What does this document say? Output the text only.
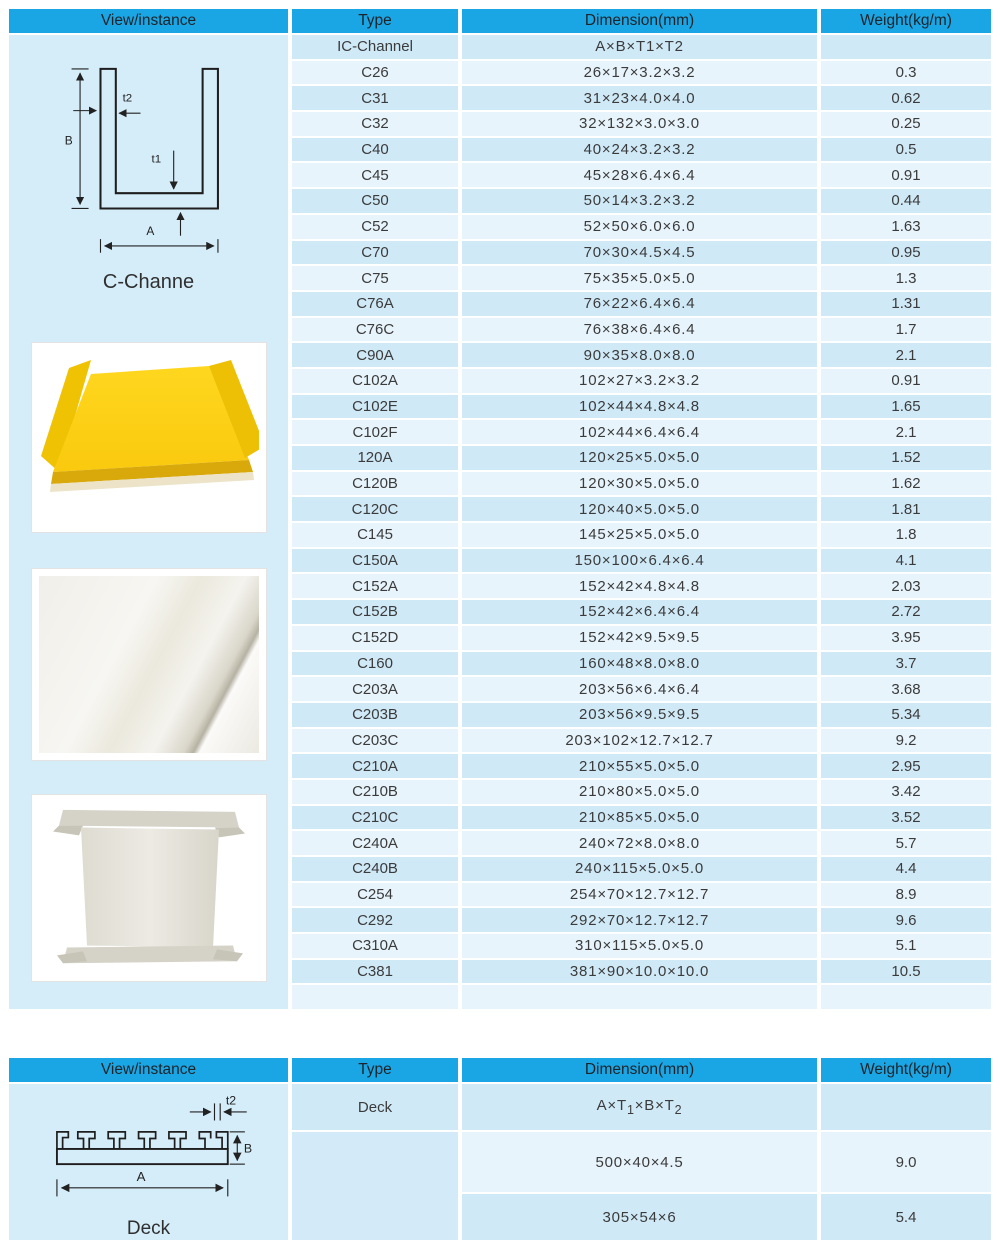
View/instance	Type	Dimension(mm)	Weight(kg/m)

B
t2
t1
A
C-Channe	IC-Channel	A×B×T1×T2	
	C26	26×17×3.2×3.2	0.3
	C31	31×23×4.0×4.0	0.62
	C32	32×132×3.0×3.0	0.25
	C40	40×24×3.2×3.2	0.5
	C45	45×28×6.4×6.4	0.91
	C50	50×14×3.2×3.2	0.44
	C52	52×50×6.0×6.0	1.63
	C70	70×30×4.5×4.5	0.95
	C75	75×35×5.0×5.0	1.3
	C76A	76×22×6.4×6.4	1.31
	C76C	76×38×6.4×6.4	1.7
	C90A	90×35×8.0×8.0	2.1
	C102A	102×27×3.2×3.2	0.91
	C102E	102×44×4.8×4.8	1.65
	C102F	102×44×6.4×6.4	2.1
	120A	120×25×5.0×5.0	1.52
	C120B	120×30×5.0×5.0	1.62
	C120C	120×40×5.0×5.0	1.81
	C145	145×25×5.0×5.0	1.8
	C150A	150×100×6.4×6.4	4.1
	C152A	152×42×4.8×4.8	2.03
	C152B	152×42×6.4×6.4	2.72
	C152D	152×42×9.5×9.5	3.95
	C160	160×48×8.0×8.0	3.7
	C203A	203×56×6.4×6.4	3.68
	C203B	203×56×9.5×9.5	5.34
	C203C	203×102×12.7×12.7	9.2
	C210A	210×55×5.0×5.0	2.95
	C210B	210×80×5.0×5.0	3.42
	C210C	210×85×5.0×5.0	3.52
	C240A	240×72×8.0×8.0	5.7
	C240B	240×115×5.0×5.0	4.4
	C254	254×70×12.7×12.7	8.9
	C292	292×70×12.7×12.7	9.6
	C310A	310×115×5.0×5.0	5.1
	C381	381×90×10.0×10.0	10.5

View/instance	Type	Dimension(mm)	Weight(kg/m)

t2
B
A
Deck	Deck	$A\times T_1\times B\times T_2$	
		500×40×4.5	9.0
		305×54×6	5.4
